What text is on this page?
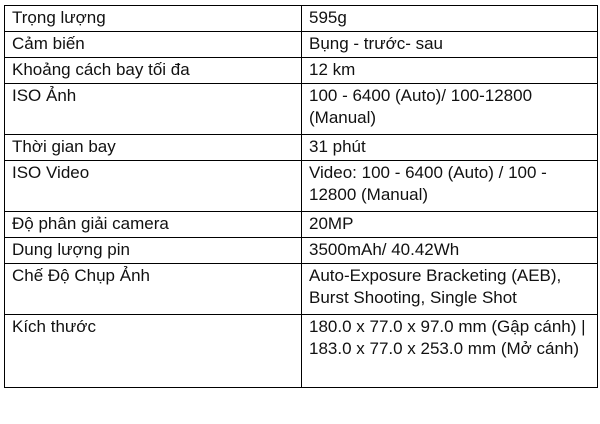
Trọng lượng	595g
Cảm biến	Bụng - trước- sau
Khoảng cách bay tối đa	12 km
ISO Ảnh	100 - 6400 (Auto)/ 100-12800 (Manual)
Thời gian bay	31 phút
ISO Video	Video: 100 - 6400 (Auto) / 100 - 12800 (Manual)
Độ phân giải camera	20MP
Dung lượng pin	3500mAh/ 40.42Wh
Chế Độ Chụp Ảnh	Auto-Exposure Bracketing (AEB), Burst Shooting, Single Shot
Kích thước	180.0 x 77.0 x 97.0 mm (Gập cánh) | 183.0 x 77.0 x 253.0 mm (Mở cánh)
